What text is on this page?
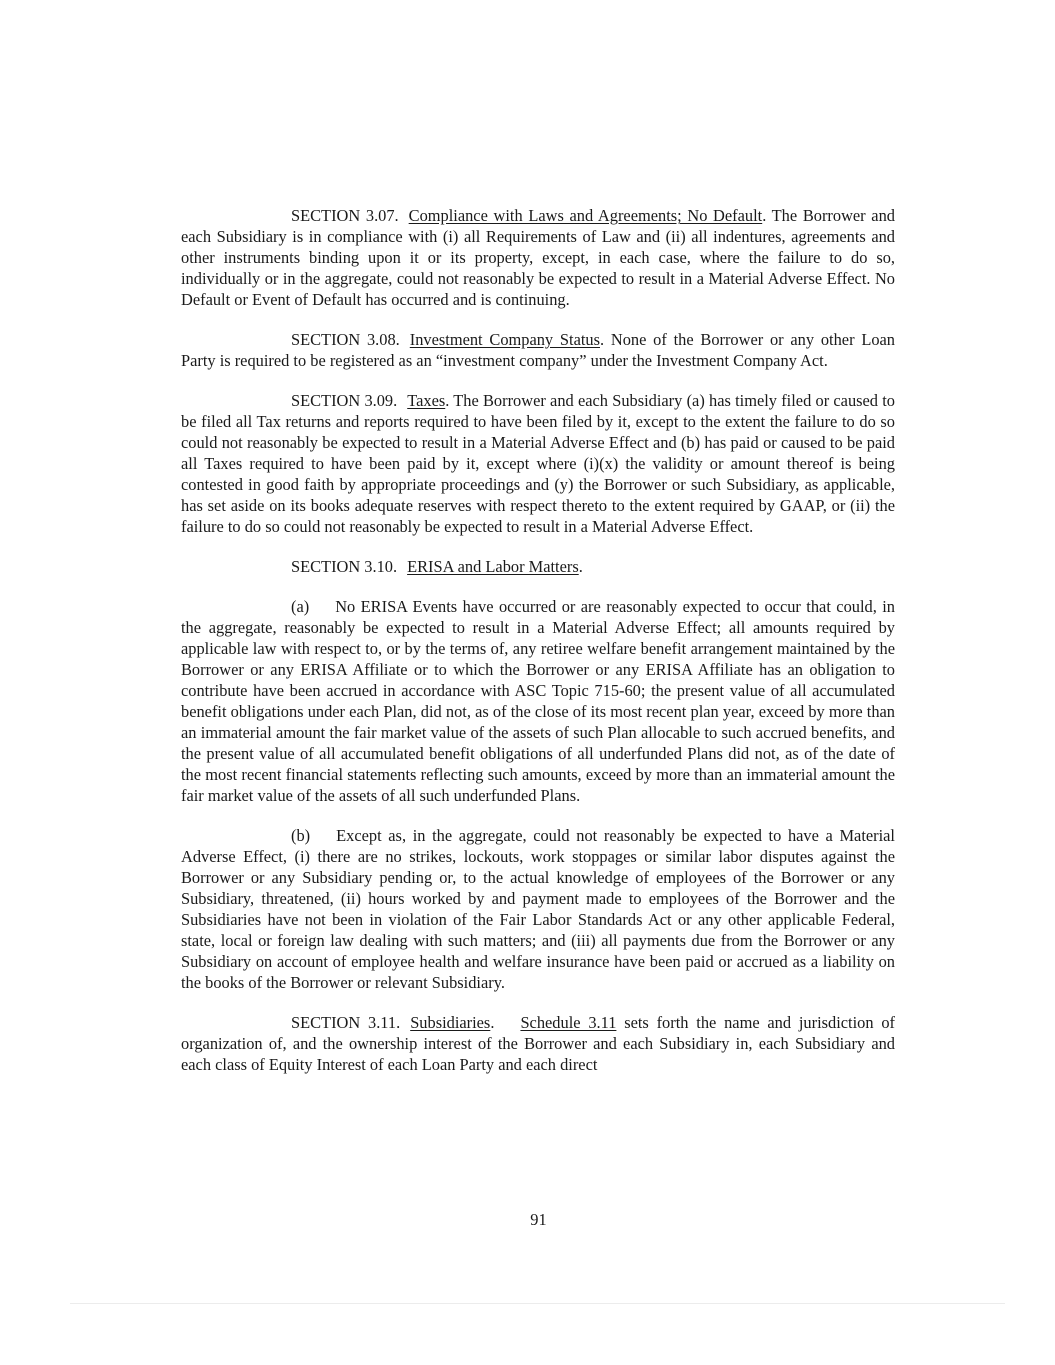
SECTION 3.07. Compliance with Laws and Agreements; No Default. The Borrower and each Subsidiary is in compliance with (i) all Requirements of Law and (ii) all indentures, agreements and other instruments binding upon it or its property, except, in each case, where the failure to do so, individually or in the aggregate, could not reasonably be expected to result in a Material Adverse Effect. No Default or Event of Default has occurred and is continuing.

SECTION 3.08. Investment Company Status. None of the Borrower or any other Loan Party is required to be registered as an “investment company” under the Investment Company Act.

SECTION 3.09. Taxes. The Borrower and each Subsidiary (a) has timely filed or caused to be filed all Tax returns and reports required to have been filed by it, except to the extent the failure to do so could not reasonably be expected to result in a Material Adverse Effect and (b) has paid or caused to be paid all Taxes required to have been paid by it, except where (i)(x) the validity or amount thereof is being contested in good faith by appropriate proceedings and (y) the Borrower or such Subsidiary, as applicable, has set aside on its books adequate reserves with respect thereto to the extent required by GAAP, or (ii) the failure to do so could not reasonably be expected to result in a Material Adverse Effect.

SECTION 3.10. ERISA and Labor Matters.

(a) No ERISA Events have occurred or are reasonably expected to occur that could, in the aggregate, reasonably be expected to result in a Material Adverse Effect; all amounts required by applicable law with respect to, or by the terms of, any retiree welfare benefit arrangement maintained by the Borrower or any ERISA Affiliate or to which the Borrower or any ERISA Affiliate has an obligation to contribute have been accrued in accordance with ASC Topic 715-60; the present value of all accumulated benefit obligations under each Plan, did not, as of the close of its most recent plan year, exceed by more than an immaterial amount the fair market value of the assets of such Plan allocable to such accrued benefits, and the present value of all accumulated benefit obligations of all underfunded Plans did not, as of the date of the most recent financial statements reflecting such amounts, exceed by more than an immaterial amount the fair market value of the assets of all such underfunded Plans.

(b) Except as, in the aggregate, could not reasonably be expected to have a Material Adverse Effect, (i) there are no strikes, lockouts, work stoppages or similar labor disputes against the Borrower or any Subsidiary pending or, to the actual knowledge of employees of the Borrower or any Subsidiary, threatened, (ii) hours worked by and payment made to employees of the Borrower and the Subsidiaries have not been in violation of the Fair Labor Standards Act or any other applicable Federal, state, local or foreign law dealing with such matters; and (iii) all payments due from the Borrower or any Subsidiary on account of employee health and welfare insurance have been paid or accrued as a liability on the books of the Borrower or relevant Subsidiary.

SECTION 3.11. Subsidiaries. Schedule 3.11 sets forth the name and jurisdiction of organization of, and the ownership interest of the Borrower and each Subsidiary in, each Subsidiary and each class of Equity Interest of each Loan Party and each direct

91
